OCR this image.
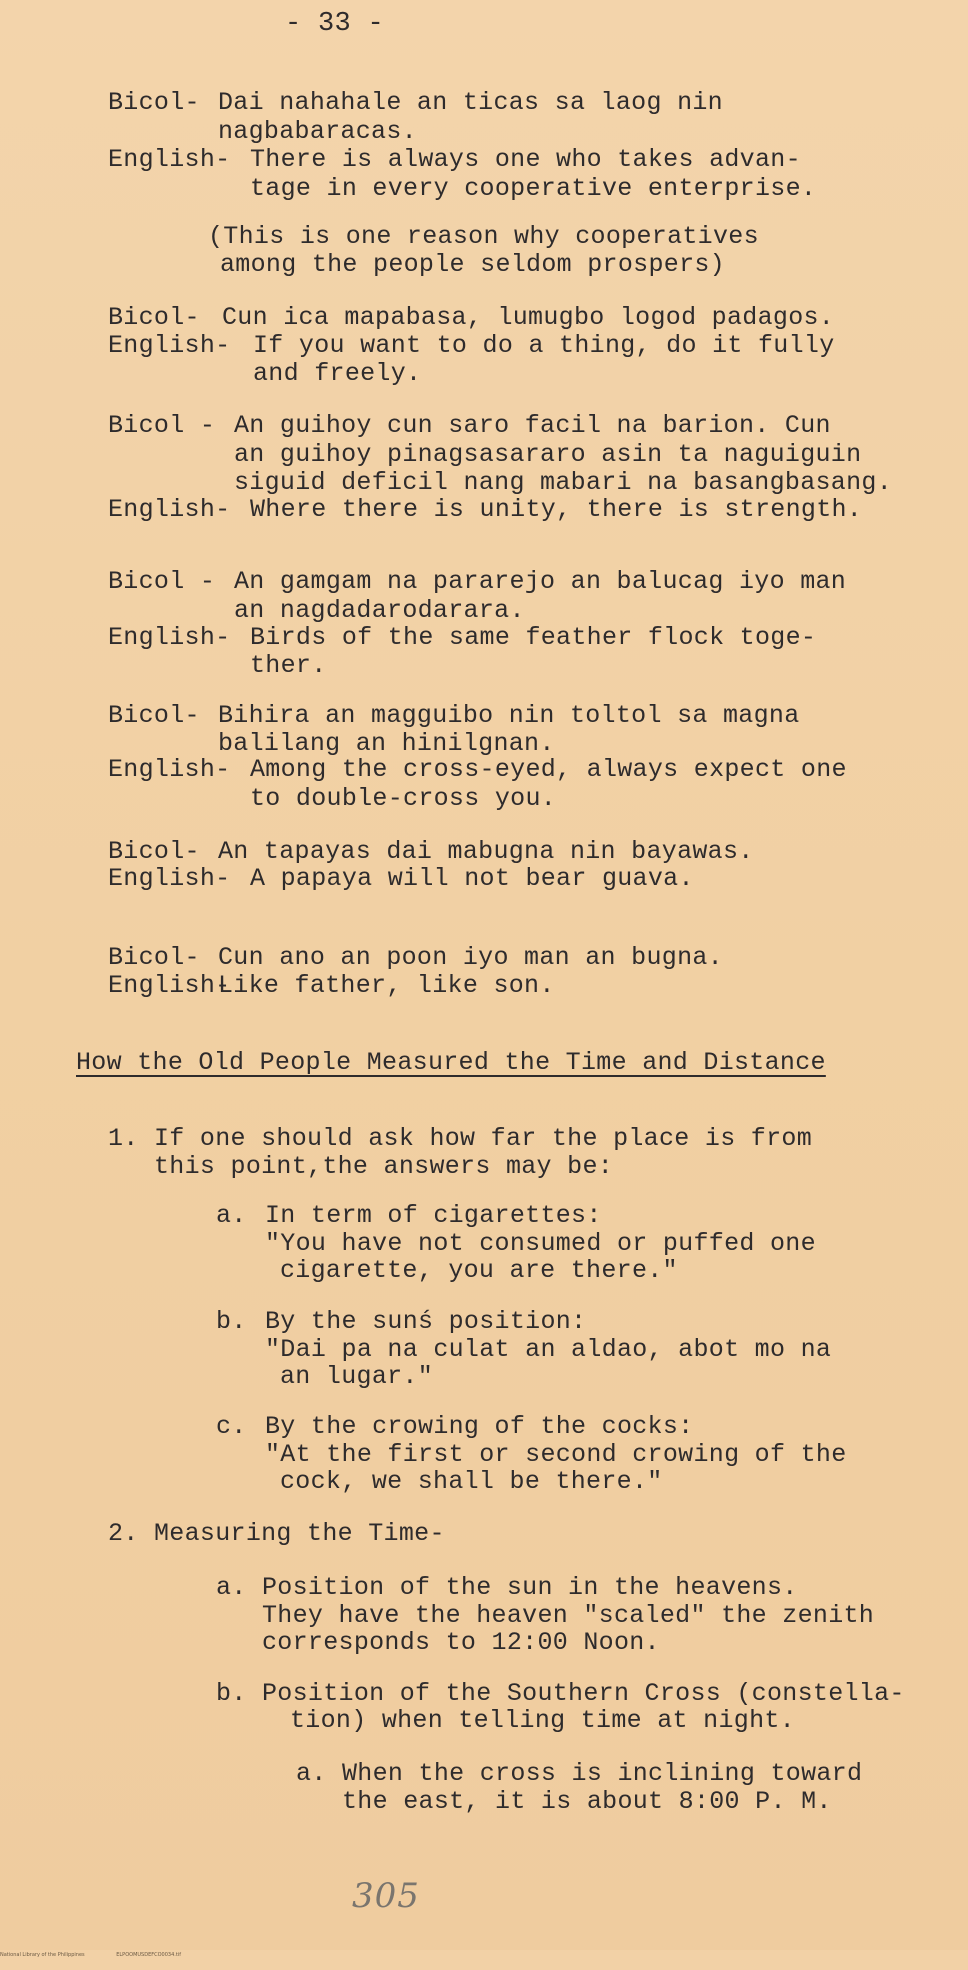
- 33 -
Bicol- Dai nahahale an ticas sa laog nin
nagbabaracas.
English- There is always one who takes advan-
tage in every cooperative enterprise.
(This is one reason why cooperatives
among the people seldom prospers)
Bicol- Cun ica mapabasa, lumugbo logod padagos.
English- If you want to do a thing, do it fully
and freely.
Bicol - An guihoy cun saro facil na barion. Cun
an guihoy pinagsasararo asin ta naguiguin
siguid deficil nang mabari na basangbasang.
English- Where there is unity, there is strength.
Bicol - An gamgam na pararejo an balucag iyo man
an nagdadarodarara.
English- Birds of the same feather flock toge-
ther.
Bicol- Bihira an magguibo nin toltol sa magna
balilang an hinilgnan.
English- Among the cross-eyed, always expect one
to double-cross you.
Bicol- An tapayas dai mabugna nin bayawas.
English- A papaya will not bear guava.
Bicol- Cun ano an poon iyo man an bugna.
English-
Like father, like son.
How the Old People Measured the Time and Distance
1. If one should ask how far the place is from
this point,the answers may be:
a. In term of cigarettes:
"You have not consumed or puffed one
cigarette, you are there."
b. By the sunś position:
"Dai pa na culat an aldao, abot mo na
an lugar."
c. By the crowing of the cocks:
"At the first or second crowing of the
cock, we shall be there."
2. Measuring the Time-
a. Position of the sun in the heavens.
They have the heaven "scaled" the zenith
corresponds to 12:00 Noon.
b. Position of the Southern Cross (constella-
tion) when telling time at night.
a. When the cross is inclining toward
the east, it is about 8:00 P. M.
305
National Library of the Philippines	ELPOOMUSDEFCO0034.tif
